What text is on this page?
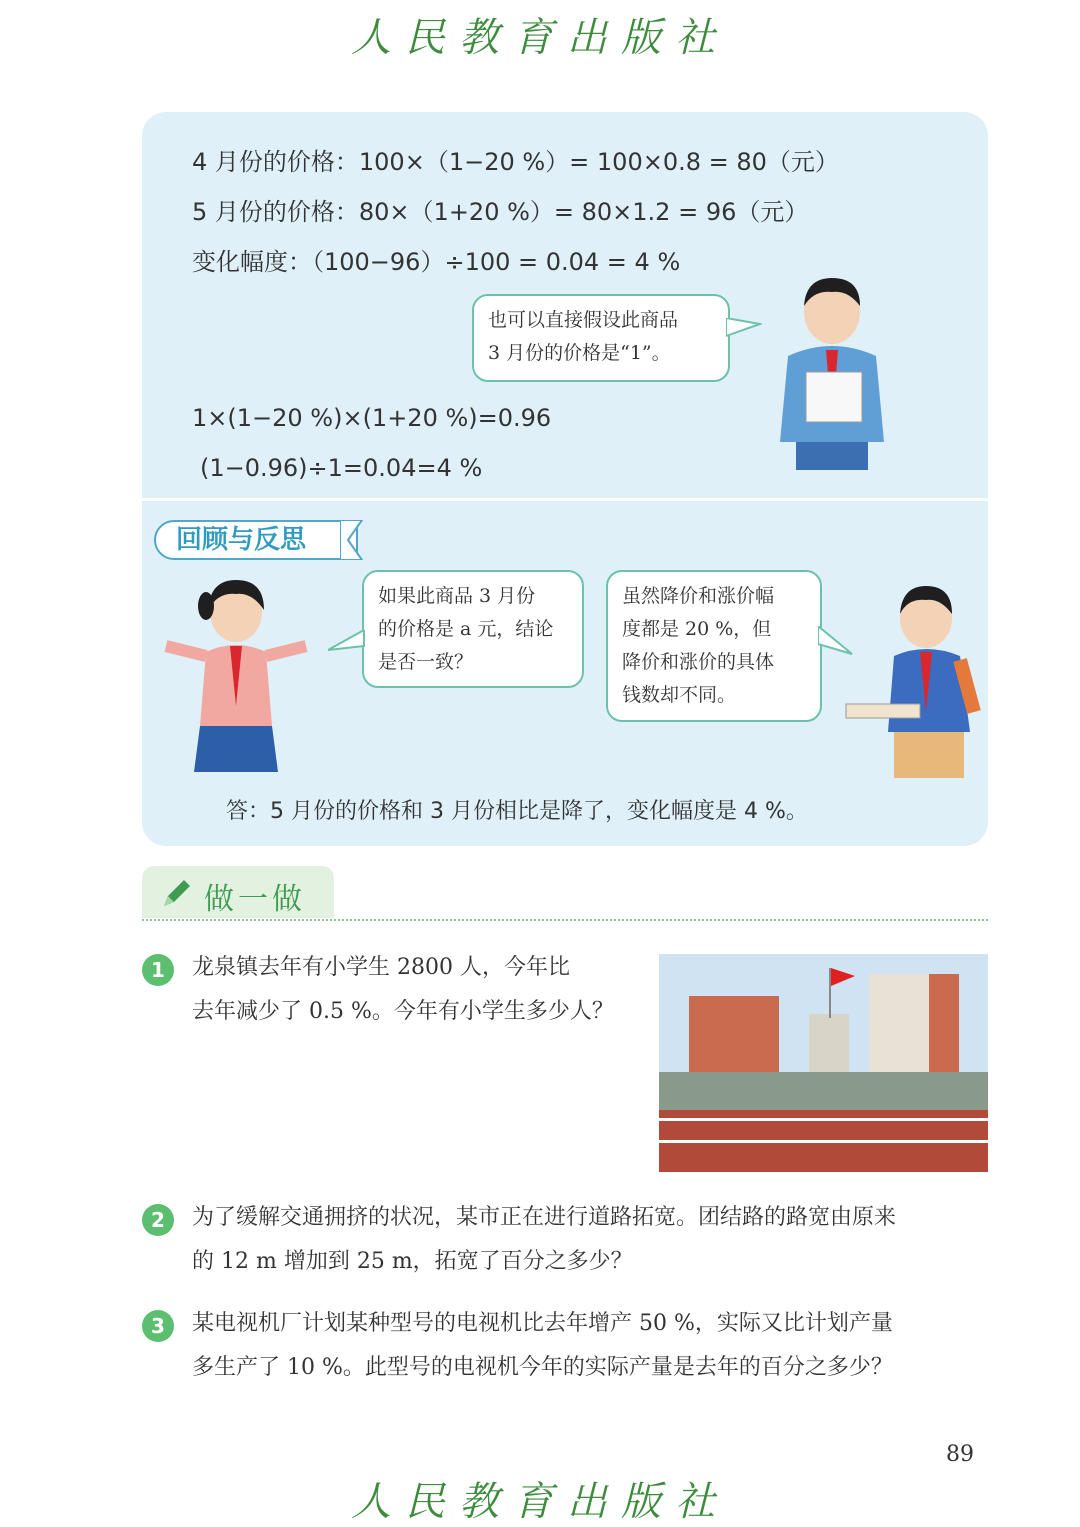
人民教育出版社
4 月份的价格：100×（1−20 %）= 100×0.8 = 80（元）
5 月份的价格：80×（1+20 %）= 80×1.2 = 96（元）
变化幅度：（100−96）÷100 = 0.04 = 4 %
也可以直接假设此商品
3 月份的价格是“1”。
1×(1−20 %)×(1+20 %)=0.96
(1−0.96)÷1=0.04=4 %
回顾与反思
如果此商品 3 月份
的价格是 a 元，结论
是否一致？
虽然降价和涨价幅
度都是 20 %，但
降价和涨价的具体
钱数却不同。
答：5 月份的价格和 3 月份相比是降了，变化幅度是 4 %。
做一做
1	龙泉镇去年有小学生 2800 人，今年比
去年减少了 0.5 %。今年有小学生多少人？
2	为了缓解交通拥挤的状况，某市正在进行道路拓宽。团结路的路宽由原来
的 12 m 增加到 25 m，拓宽了百分之多少？
3	某电视机厂计划某种型号的电视机比去年增产 50 %，实际又比计划产量
多生产了 10 %。此型号的电视机今年的实际产量是去年的百分之多少？
89
人民教育出版社
